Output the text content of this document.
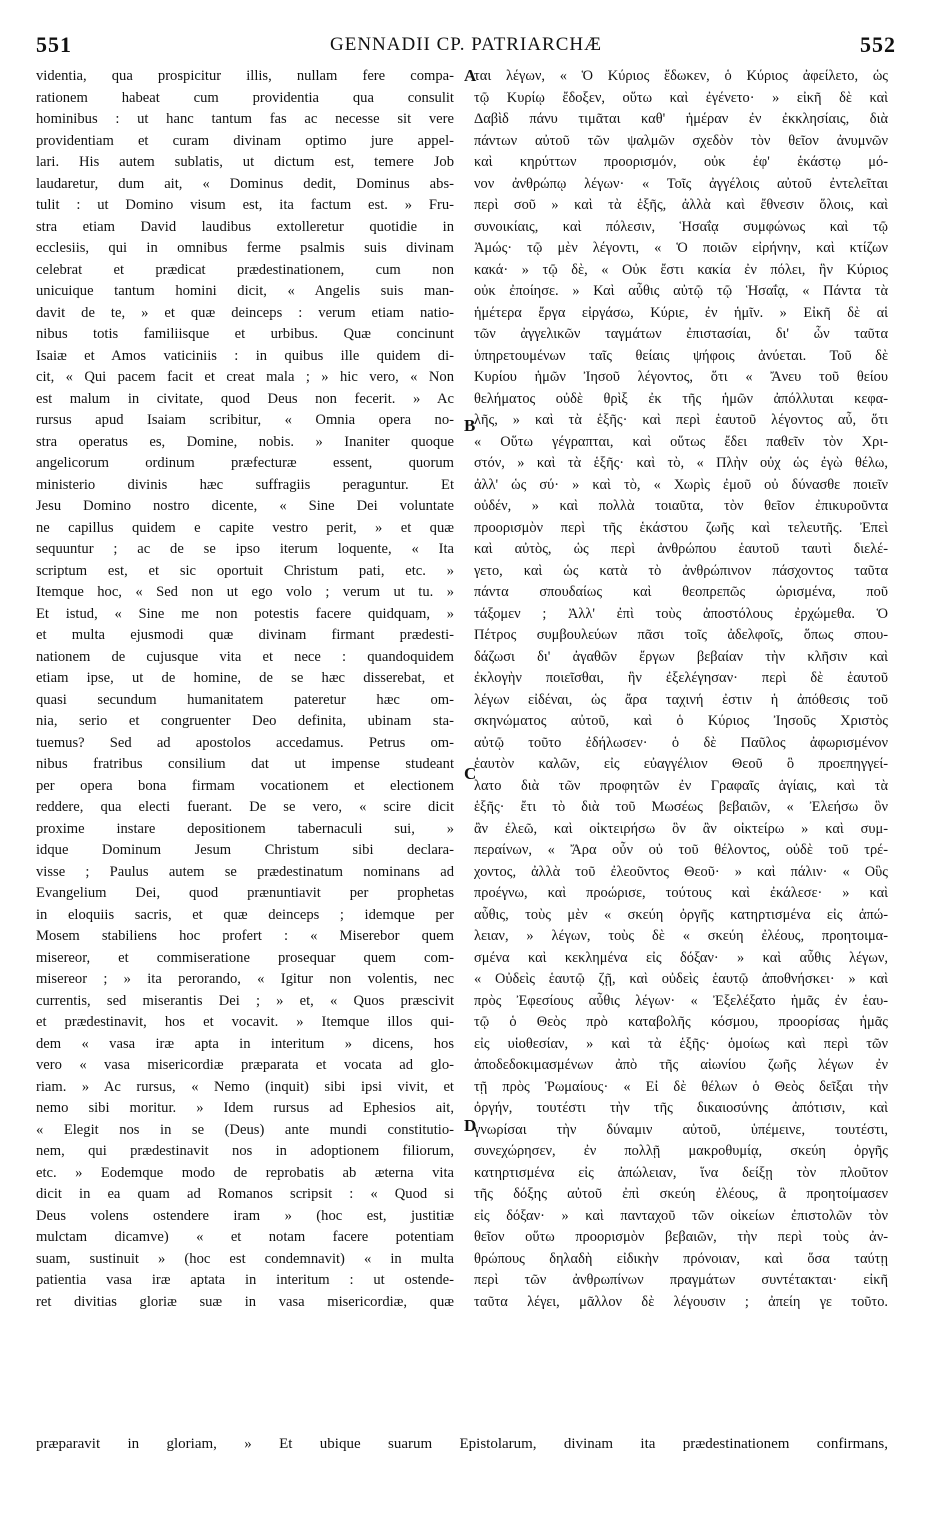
551	GENNADII CP. PATRIARCHÆ	552
videntia, qua prospicitur illis, nullam fere compa-
rationem habeat cum providentia qua consulit
hominibus : ut hanc tantum fas ac necesse sit vere
providentiam et curam divinam optimo jure appel-
lari. His autem sublatis, ut dictum est, temere Job
laudaretur, dum ait, « Dominus dedit, Dominus abs-
tulit : ut Domino visum est, ita factum est. » Fru-
stra etiam David laudibus extolleretur quotidie in
ecclesiis, qui in omnibus ferme psalmis suis divinam
celebrat et prædicat prædestinationem, cum non
unicuique tantum homini dicit, « Angelis suis man-
davit de te, » et quæ deinceps : verum etiam natio-
nibus totis familiisque et urbibus. Quæ concinunt
Isaiæ et Amos vaticiniis : in quibus ille quidem di-
cit, « Qui pacem facit et creat mala ; » hic vero, « Non
est malum in civitate, quod Deus non fecerit. » Ac
rursus apud Isaiam scribitur, « Omnia opera no-
stra operatus es, Domine, nobis. » Inaniter quoque
angelicorum ordinum præfecturæ essent, quorum
ministerio divinis hæc suffragiis peraguntur. Et
Jesu Domino nostro dicente, « Sine Dei voluntate
ne capillus quidem e capite vestro perit, » et quæ
sequuntur ; ac de se ipso iterum loquente, « Ita
scriptum est, et sic oportuit Christum pati, etc. »
Itemque hoc, « Sed non ut ego volo ; verum ut tu. »
Et istud, « Sine me non potestis facere quidquam, »
et multa ejusmodi quæ divinam firmant prædesti-
nationem de cujusque vita et nece : quandoquidem
etiam ipse, ut de homine, de se hæc disserebat, et
quasi secundum humanitatem pateretur hæc om-
nia, serio et congruenter Deo definita, ubinam sta-
tuemus? Sed ad apostolos accedamus. Petrus om-
nibus fratribus consilium dat ut impense studeant
per opera bona firmam vocationem et electionem
reddere, qua electi fuerant. De se vero, « scire dicit
proxime instare depositionem tabernaculi sui, »
idque Dominum Jesum Christum sibi declara-
visse ; Paulus autem se prædestinatum nominans ad
Evangelium Dei, quod prænuntiavit per prophetas
in eloquiis sacris, et quæ deinceps ; idemque per
Mosem stabiliens hoc profert : « Miserebor quem
misereor, et commiseratione prosequar quem com-
misereor ; » ita perorando, « Igitur non volentis, nec
currentis, sed miserantis Dei ; » et, « Quos præscivit
et prædestinavit, hos et vocavit. » Itemque illos qui-
dem « vasa iræ apta in interitum » dicens, hos
vero « vasa misericordiæ præparata et vocata ad glo-
riam. » Ac rursus, « Nemo (inquit) sibi ipsi vivit, et
nemo sibi moritur. » Idem rursus ad Ephesios ait,
« Elegit nos in se (Deus) ante mundi constitutio-
nem, qui prædestinavit nos in adoptionem filiorum,
etc. » Eodemque modo de reprobatis ab æterna vita
dicit in ea quam ad Romanos scripsit : « Quod si
Deus volens ostendere iram » (hoc est, justitiæ
mulctam dicamve) « et notam facere potentiam
suam, sustinuit » (hoc est condemnavit) « in multa
patientia vasa iræ aptata in interitum : ut ostende-
ret divitias gloriæ suæ in vasa misericordiæ, quæ
A
B
C
D
ται λέγων, « Ὁ Κύριος ἔδωκεν, ὁ Κύριος ἀφείλετο, ὡς
τῷ Κυρίῳ ἔδοξεν, οὕτω καὶ ἐγένετο· » εἰκῆ δὲ καὶ
Δαβὶδ πάνυ τιμᾶται καθ' ἡμέραν ἐν ἐκκλησίαις, διὰ
πάντων αὐτοῦ τῶν ψαλμῶν σχεδὸν τὸν θεῖον ἀνυμνῶν
καὶ κηρύττων προορισμόν, οὐκ ἐφ' ἑκάστῳ μό-
νον ἀνθρώπῳ λέγων· « Τοῖς ἀγγέλοις αὐτοῦ ἐντελεῖται
περὶ σοῦ » καὶ τὰ ἑξῆς, ἀλλὰ καὶ ἔθνεσιν ὅλοις, καὶ
συνοικίαις, καὶ πόλεσιν, Ἡσαΐᾳ συμφώνως καὶ τῷ
Ἀμώς· τῷ μὲν λέγοντι, « Ὁ ποιῶν εἰρήνην, καὶ κτίζων
κακά· » τῷ δὲ, « Οὐκ ἔστι κακία ἐν πόλει, ἣν Κύριος
οὐκ ἐποίησε. » Καὶ αὖθις αὐτῷ τῷ Ἡσαΐᾳ, « Πάντα τὰ
ἡμέτερα ἔργα εἰργάσω, Κύριε, ἐν ἡμῖν. » Εἰκῆ δὲ αἱ
τῶν ἀγγελικῶν ταγμάτων ἐπιστασίαι, δι' ὧν ταῦτα
ὑπηρετουμένων ταῖς θείαις ψήφοις ἀνύεται. Τοῦ δὲ
Κυρίου ἡμῶν Ἰησοῦ λέγοντος, ὅτι « Ἄνευ τοῦ θείου
θελήματος οὐδὲ θρὶξ ἐκ τῆς ἡμῶν ἀπόλλυται κεφα-
λῆς, » καὶ τὰ ἑξῆς· καὶ περὶ ἑαυτοῦ λέγοντος αὖ, ὅτι
« Οὕτω γέγραπται, καὶ οὕτως ἔδει παθεῖν τὸν Χρι-
στόν, » καὶ τὰ ἑξῆς· καὶ τὸ, « Πλὴν οὐχ ὡς ἐγὼ θέλω,
ἀλλ' ὡς σύ· » καὶ τὸ, « Χωρὶς ἐμοῦ οὐ δύνασθε ποιεῖν
οὐδέν, » καὶ πολλὰ τοιαῦτα, τὸν θεῖον ἐπικυροῦντα
προορισμὸν περὶ τῆς ἑκάστου ζωῆς καὶ τελευτῆς. Ἐπεὶ
καὶ αὐτὸς, ὡς περὶ ἀνθρώπου ἑαυτοῦ ταυτὶ διελέ-
γετο, καὶ ὡς κατὰ τὸ ἀνθρώπινον πάσχοντος ταῦτα
πάντα σπουδαίως καὶ θεοπρεπῶς ὡρισμένα, ποῦ
τάξομεν ; Ἀλλ' ἐπὶ τοὺς ἀποστόλους ἐρχώμεθα. Ὁ
Πέτρος συμβουλεύων πᾶσι τοῖς ἀδελφοῖς, ὅπως σπου-
δάζωσι δι' ἀγαθῶν ἔργων βεβαίαν τὴν κλῆσιν καὶ
ἐκλογὴν ποιεῖσθαι, ἣν ἐξελέγησαν· περὶ δὲ ἑαυτοῦ
λέγων εἰδέναι, ὡς ἄρα ταχινή ἐστιν ἡ ἀπόθεσις τοῦ
σκηνώματος αὐτοῦ, καὶ ὁ Κύριος Ἰησοῦς Χριστὸς
αὐτῷ τοῦτο ἐδήλωσεν· ὁ δὲ Παῦλος ἀφωρισμένον
ἑαυτὸν καλῶν, εἰς εὐαγγέλιον Θεοῦ ὃ προεπηγγεί-
λατο διὰ τῶν προφητῶν ἐν Γραφαῖς ἁγίαις, καὶ τὰ
ἑξῆς· ἔτι τὸ διὰ τοῦ Μωσέως βεβαιῶν, « Ἐλεήσω ὃν
ἂν ἐλεῶ, καὶ οἰκτειρήσω ὃν ἂν οἰκτείρω » καὶ συμ-
περαίνων, « Ἄρα οὖν οὐ τοῦ θέλοντος, οὐδὲ τοῦ τρέ-
χοντος, ἀλλὰ τοῦ ἐλεοῦντος Θεοῦ· » καὶ πάλιν· « Οὓς
προέγνω, καὶ προώρισε, τούτους καὶ ἐκάλεσε· » καὶ
αὖθις, τοὺς μὲν « σκεύη ὀργῆς κατηρτισμένα εἰς ἀπώ-
λειαν, » λέγων, τοὺς δὲ « σκεύη ἐλέους, προητοιμα-
σμένα καὶ κεκλημένα εἰς δόξαν· » καὶ αὖθις λέγων,
« Οὐδεὶς ἑαυτῷ ζῇ, καὶ οὐδεὶς ἑαυτῷ ἀποθνήσκει· » καὶ
πρὸς Ἐφεσίους αὖθις λέγων· « Ἐξελέξατο ἡμᾶς ἐν ἑαυ-
τῷ ὁ Θεὸς πρὸ καταβολῆς κόσμου, προορίσας ἡμᾶς
εἰς υἱοθεσίαν, » καὶ τὰ ἑξῆς· ὁμοίως καὶ περὶ τῶν
ἀποδεδοκιμασμένων ἀπὸ τῆς αἰωνίου ζωῆς λέγων ἐν
τῇ πρὸς Ῥωμαίους· « Εἰ δὲ θέλων ὁ Θεὸς δεῖξαι τὴν
ὀργήν, τουτέστι τὴν τῆς δικαιοσύνης ἀπότισιν, καὶ
γνωρίσαι τὴν δύναμιν αὐτοῦ, ὑπέμεινε, τουτέστι,
συνεχώρησεν, ἐν πολλῇ μακροθυμίᾳ, σκεύη ὀργῆς
κατηρτισμένα εἰς ἀπώλειαν, ἵνα δείξῃ τὸν πλοῦτον
τῆς δόξης αὐτοῦ ἐπὶ σκεύη ἐλέους, ἃ προητοίμασεν
εἰς δόξαν· » καὶ πανταχοῦ τῶν οἰκείων ἐπιστολῶν τὸν
θεῖον οὕτω προορισμὸν βεβαιῶν, τὴν περὶ τοὺς ἀν-
θρώπους δηλαδὴ εἰδικὴν πρόνοιαν, καὶ ὅσα ταύτῃ
περὶ τῶν ἀνθρωπίνων πραγμάτων συντέτακται· εἰκῆ
ταῦτα λέγει, μᾶλλον δὲ λέγουσιν ; ἀπείη γε τοῦτο.
præparavit in gloriam, » Et ubique suarum Epistolarum, divinam ita prædestinationem confirmans,
